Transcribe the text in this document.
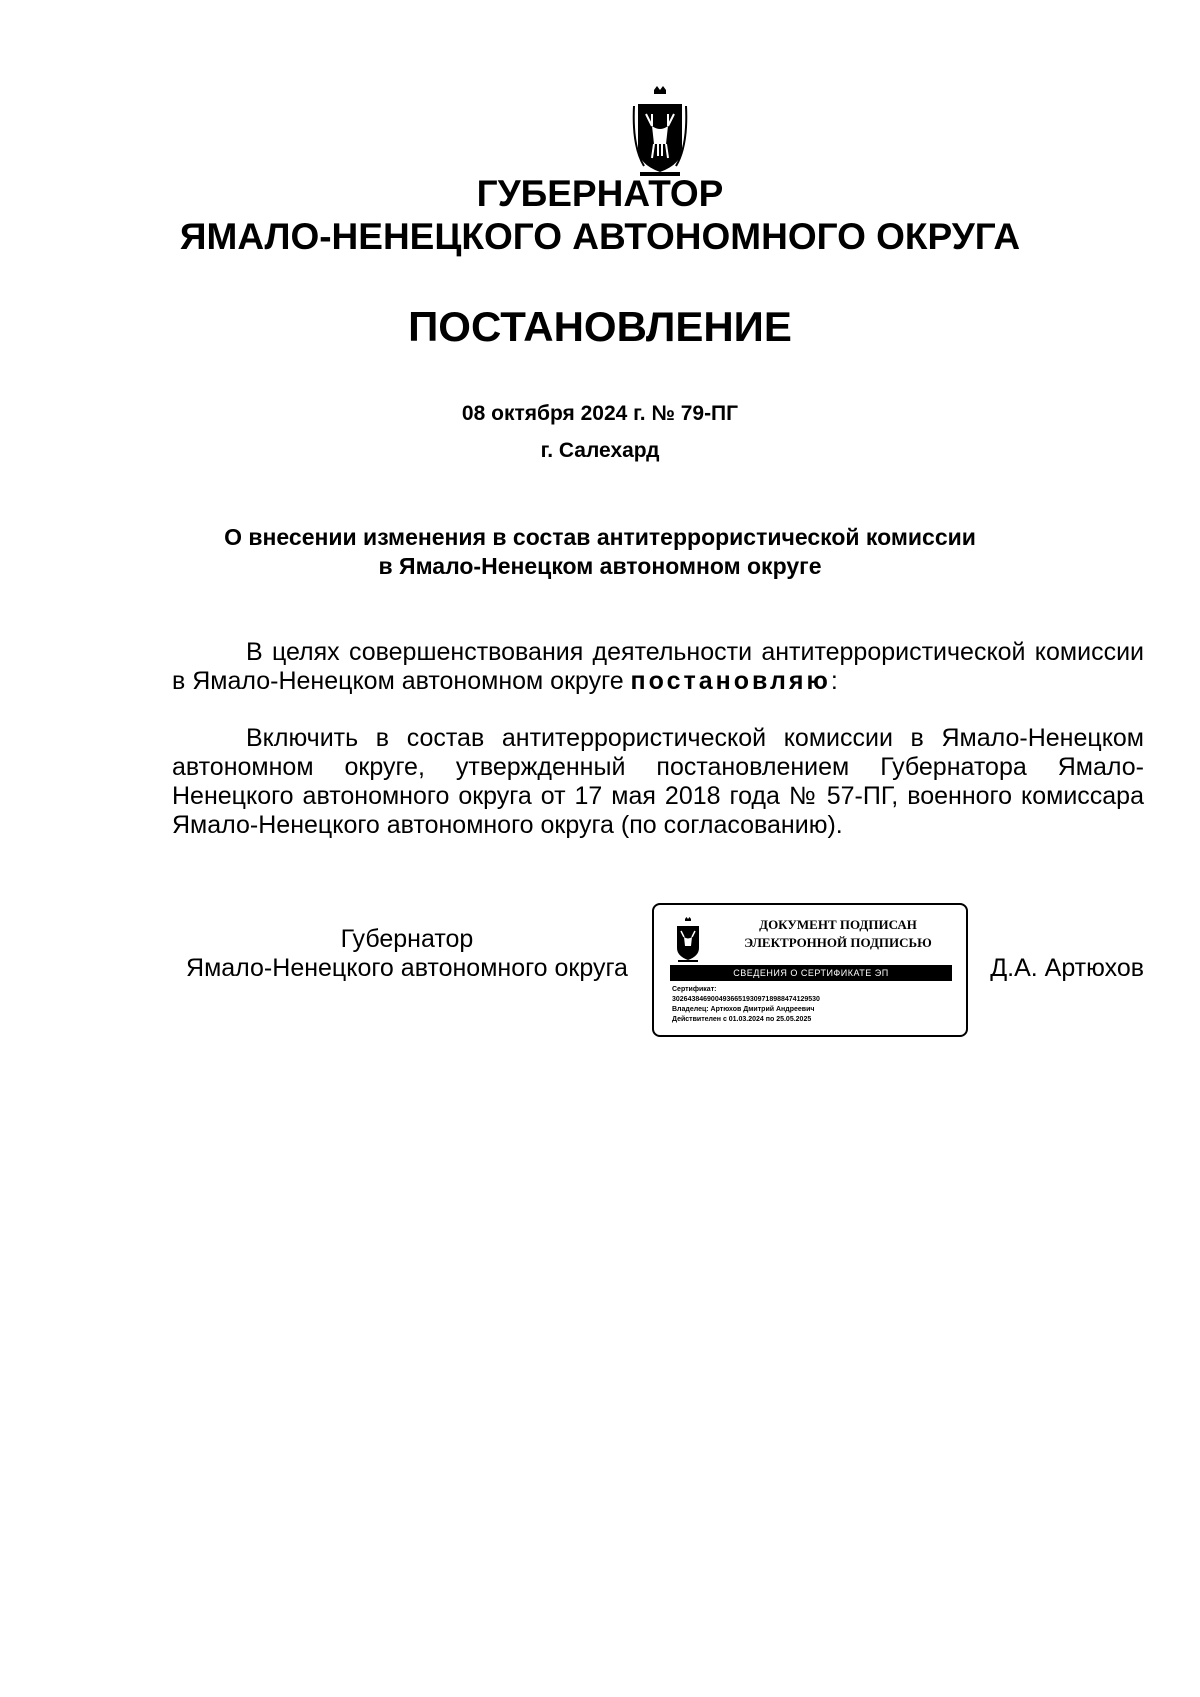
ГУБЕРНАТОР
ЯМАЛО-НЕНЕЦКОГО АВТОНОМНОГО ОКРУГА
ПОСТАНОВЛЕНИЕ
08 октября 2024 г. № 79-ПГ
г. Салехард
О внесении изменения в состав антитеррористической комиссии
в Ямало-Ненецком автономном округе
В целях совершенствования деятельности антитеррористической комиссии в Ямало-Ненецком автономном округе постановляю:
Включить в состав антитеррористической комиссии в Ямало-Ненецком автономном округе, утвержденный постановлением Губернатора Ямало-Ненецкого автономного округа от 17 мая 2018 года № 57-ПГ, военного комиссара Ямало-Ненецкого автономного округа (по согласованию).
Губернатор
Ямало-Ненецкого автономного округа
ДОКУМЕНТ ПОДПИСАН
ЭЛЕКТРОННОЙ ПОДПИСЬЮ
СВЕДЕНИЯ О СЕРТИФИКАТЕ ЭП
Сертификат:
30264384690049366519309718988474129530
Владелец: Артюхов Дмитрий Андреевич
Действителен с 01.03.2024 по 25.05.2025
Д.А. Артюхов
